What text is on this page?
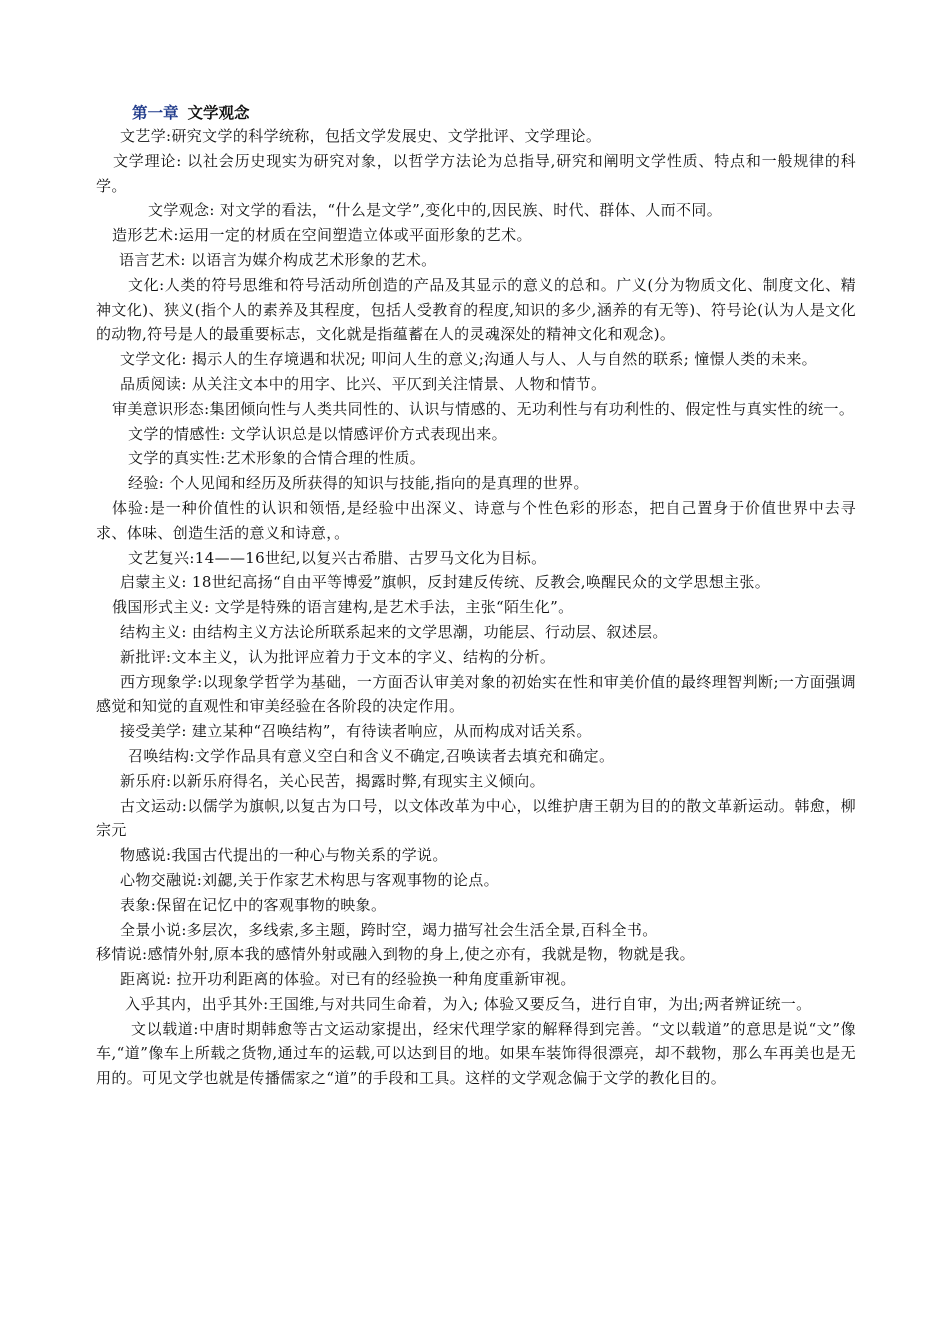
第一章 文学观念

文艺学:研究文学的科学统称，包括文学发展史、文学批评、文学理论。

文学理论: 以社会历史现实为研究对象，以哲学方法论为总指导,研究和阐明文学性质、特点和一般规律的科学。

文学观念: 对文学的看法，“什么是文学”,变化中的,因民族、时代、群体、人而不同。

造形艺术:运用一定的材质在空间塑造立体或平面形象的艺术。

语言艺术: 以语言为媒介构成艺术形象的艺术。

文化:人类的符号思维和符号活动所创造的产品及其显示的意义的总和。广义(分为物质文化、制度文化、精神文化)、狭义(指个人的素养及其程度，包括人受教育的程度,知识的多少,涵养的有无等)、符号论(认为人是文化的动物,符号是人的最重要标志，文化就是指蕴蓄在人的灵魂深处的精神文化和观念)。

文学文化: 揭示人的生存境遇和状况; 叩问人生的意义;沟通人与人、人与自然的联系; 憧憬人类的未来。

品质阅读: 从关注文本中的用字、比兴、平仄到关注情景、人物和情节。

审美意识形态:集团倾向性与人类共同性的、认识与情感的、无功利性与有功利性的、假定性与真实性的统一。

文学的情感性: 文学认识总是以情感评价方式表现出来。

文学的真实性:艺术形象的合情合理的性质。

经验: 个人见闻和经历及所获得的知识与技能,指向的是真理的世界。

体验:是一种价值性的认识和领悟,是经验中出深义、诗意与个性色彩的形态，把自己置身于价值世界中去寻求、体味、创造生活的意义和诗意，。

文艺复兴:14——16世纪,以复兴古希腊、古罗马文化为目标。

启蒙主义: 18世纪高扬“自由平等博爱”旗帜，反封建反传统、反教会,唤醒民众的文学思想主张。

俄国形式主义: 文学是特殊的语言建构,是艺术手法，主张“陌生化”。

结构主义: 由结构主义方法论所联系起来的文学思潮，功能层、行动层、叙述层。

新批评:文本主义，认为批评应着力于文本的字义、结构的分析。

西方现象学:以现象学哲学为基础，一方面否认审美对象的初始实在性和审美价值的最终理智判断;一方面强调感觉和知觉的直观性和审美经验在各阶段的决定作用。

接受美学: 建立某种“召唤结构”，有待读者响应，从而构成对话关系。

召唤结构:文学作品具有意义空白和含义不确定,召唤读者去填充和确定。

新乐府:以新乐府得名，关心民苦，揭露时弊,有现实主义倾向。

古文运动:以儒学为旗帜,以复古为口号，以文体改革为中心，以维护唐王朝为目的的散文革新运动。韩愈，柳宗元

物感说:我国古代提出的一种心与物关系的学说。

心物交融说:刘勰,关于作家艺术构思与客观事物的论点。

表象:保留在记忆中的客观事物的映象。

全景小说:多层次，多线索,多主题，跨时空，竭力描写社会生活全景,百科全书。

移情说:感情外射,原本我的感情外射或融入到物的身上,使之亦有，我就是物，物就是我。

距离说: 拉开功利距离的体验。对已有的经验换一种角度重新审视。

入乎其内，出乎其外:王国维,与对共同生命着，为入; 体验又要反刍，进行自审，为出;两者辨证统一。

文以载道:中唐时期韩愈等古文运动家提出，经宋代理学家的解释得到完善。“文以载道”的意思是说“文”像车,“道”像车上所载之货物,通过车的运载,可以达到目的地。如果车装饰得很漂亮，却不载物，那么车再美也是无用的。可见文学也就是传播儒家之“道”的手段和工具。这样的文学观念偏于文学的教化目的。
